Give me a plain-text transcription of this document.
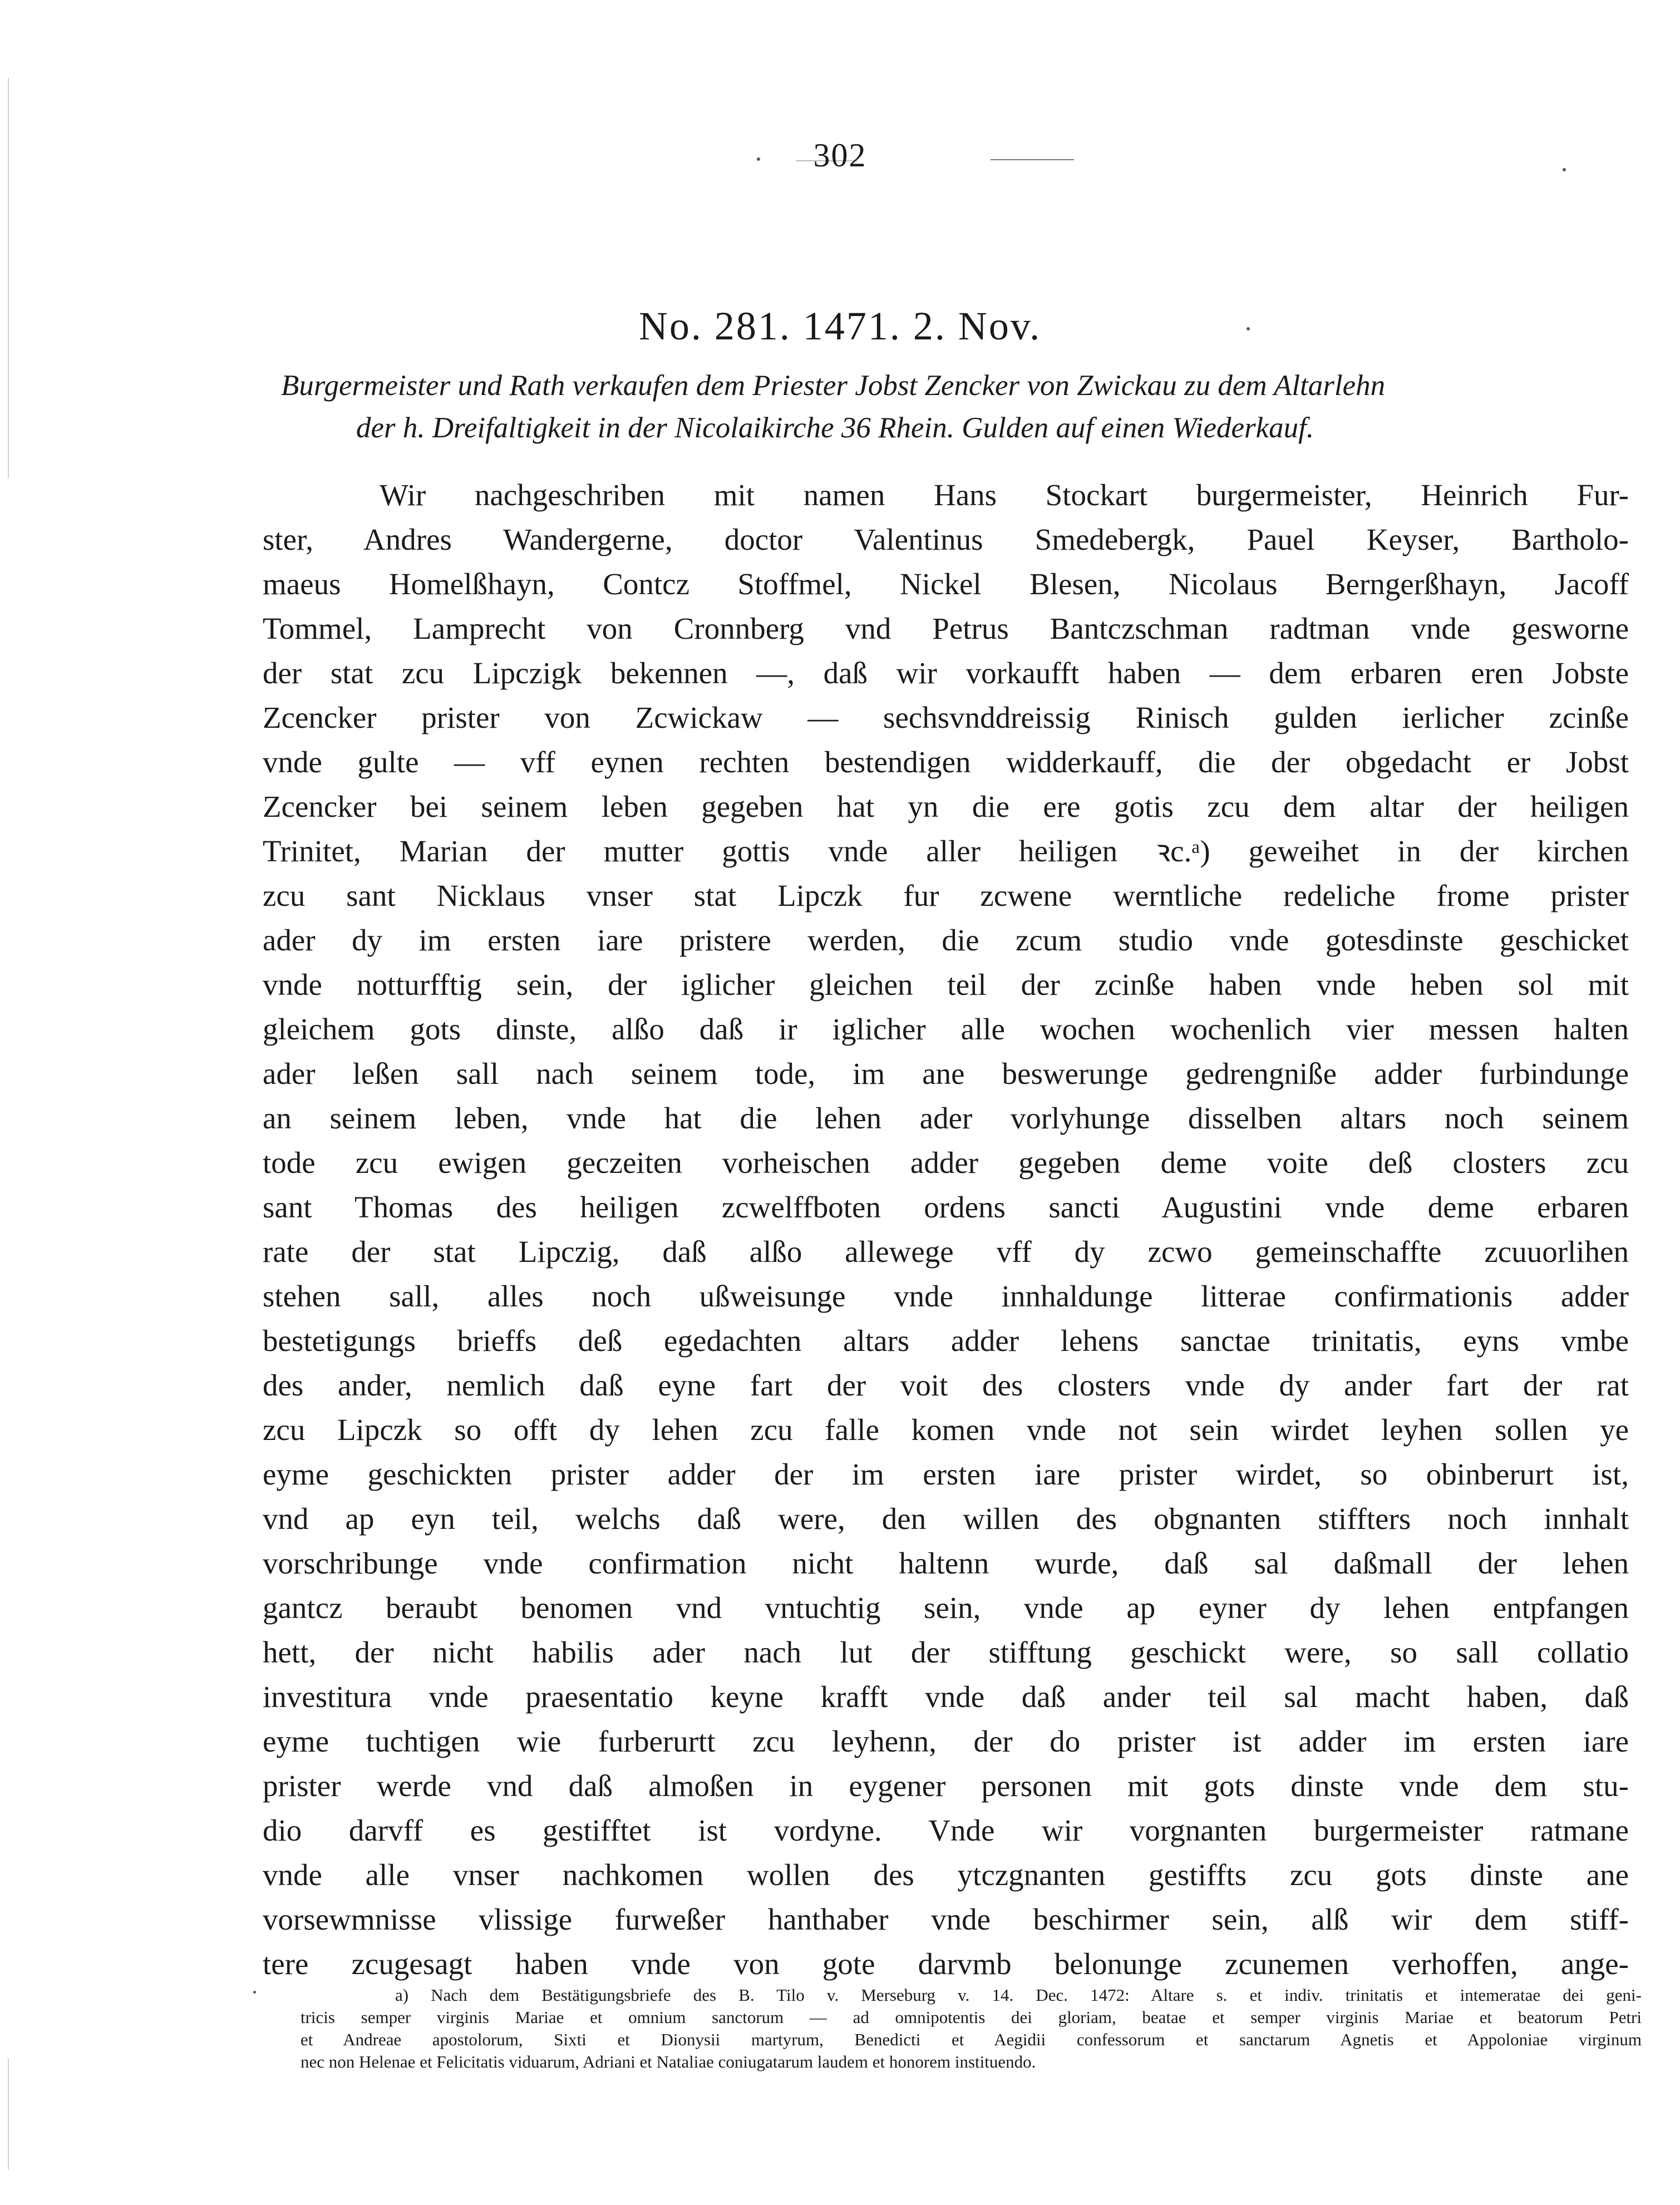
302
No. 281. 1471. 2. Nov.
Burgermeister und Rath verkaufen dem Priester Jobst Zencker von Zwickau zu dem Altarlehn
der h. Dreifaltigkeit in der Nicolaikirche 36 Rhein. Gulden auf einen Wiederkauf.
Wir nachgeschriben mit namen Hans Stockart burgermeister, Heinrich Fur-
ster, Andres Wandergerne, doctor Valentinus Smedebergk, Pauel Keyser, Bartholo-
maeus Homelßhayn, Contcz Stoffmel, Nickel Blesen, Nicolaus Berngerßhayn, Jacoff
Tommel, Lamprecht von Cronnberg vnd Petrus Bantczschman radtman vnde gesworne
der stat zcu Lipczigk bekennen —, daß wir vorkaufft haben — dem erbaren eren Jobste
Zcencker prister von Zcwickaw — sechsvnddreissig Rinisch gulden ierlicher zcinße
vnde gulte — vff eynen rechten bestendigen widderkauff, die der obgedacht er Jobst
Zcencker bei seinem leben gegeben hat yn die ere gotis zcu dem altar der heiligen
Trinitet, Marian der mutter gottis vnde aller heiligen ꝛc.ᵃ) geweihet in der kirchen
zcu sant Nicklaus vnser stat Lipczk fur zcwene werntliche redeliche frome prister
ader dy im ersten iare pristere werden, die zcum studio vnde gotesdinste geschicket
vnde notturfftig sein, der iglicher gleichen teil der zcinße haben vnde heben sol mit
gleichem gots dinste, alßo daß ir iglicher alle wochen wochenlich vier messen halten
ader leßen sall nach seinem tode, im ane beswerunge gedrengnißе adder furbindunge
an seinem leben, vnde hat die lehen ader vorlyhunge disselben altars noch seinem
tode zcu ewigen geczeiten vorheischen adder gegeben deme voite deß closters zcu
sant Thomas des heiligen zcwelffboten ordens sancti Augustini vnde deme erbaren
rate der stat Lipczig, daß alßo allewege vff dy zcwo gemeinschaffte zcuuorlihen
stehen sall, alles noch ußweisunge vnde innhaldunge litterae confirmationis adder
bestetigungs brieffs deß egedachten altars adder lehens sanctae trinitatis, eyns vmbe
des ander, nemlich daß eyne fart der voit des closters vnde dy ander fart der rat
zcu Lipczk so offt dy lehen zcu falle komen vnde not sein wirdet leyhen sollen ye
eyme geschickten prister adder der im ersten iare prister wirdet, so obinberurt ist,
vnd ap eyn teil, welchs daß were, den willen des obgnanten stiffters noch innhalt
vorschribunge vnde confirmation nicht haltenn wurde, daß sal daßmall der lehen
gantcz beraubt benomen vnd vntuchtig sein, vnde ap eyner dy lehen entpfangen
hett, der nicht habilis ader nach lut der stifftung geschickt were, so sall collatio
investitura vnde praesentatio keyne krafft vnde daß ander teil sal macht haben, daß
eyme tuchtigen wie furberurtt zcu leyhenn, der do prister ist adder im ersten iare
prister werde vnd daß almoßen in eygener personen mit gots dinste vnde dem stu-
dio darvff es gestifftet ist vordyne. Vnde wir vorgnanten burgermeister ratmane
vnde alle vnser nachkomen wollen des ytczgnanten gestiffts zcu gots dinste ane
vorsewmnisse vlissige furweßer hanthaber vnde beschirmer sein, alß wir dem stiff-
tere zcugesagt haben vnde von gote darvmb belonunge zcunemen verhoffen, ange-
a) Nach dem Bestätigungsbriefe des B. Tilo v. Merseburg v. 14. Dec. 1472: Altare s. et indiv. trinitatis et intemeratae dei geni-
tricis semper virginis Mariae et omnium sanctorum — ad omnipotentis dei gloriam, beatae et semper virginis Mariae et beatorum Petri
et Andreae apostolorum, Sixti et Dionysii martyrum, Benedicti et Aegidii confessorum et sanctarum Agnetis et Appoloniae virginum
nec non Helenae et Felicitatis viduarum, Adriani et Nataliae coniugatarum laudem et honorem instituendo.
